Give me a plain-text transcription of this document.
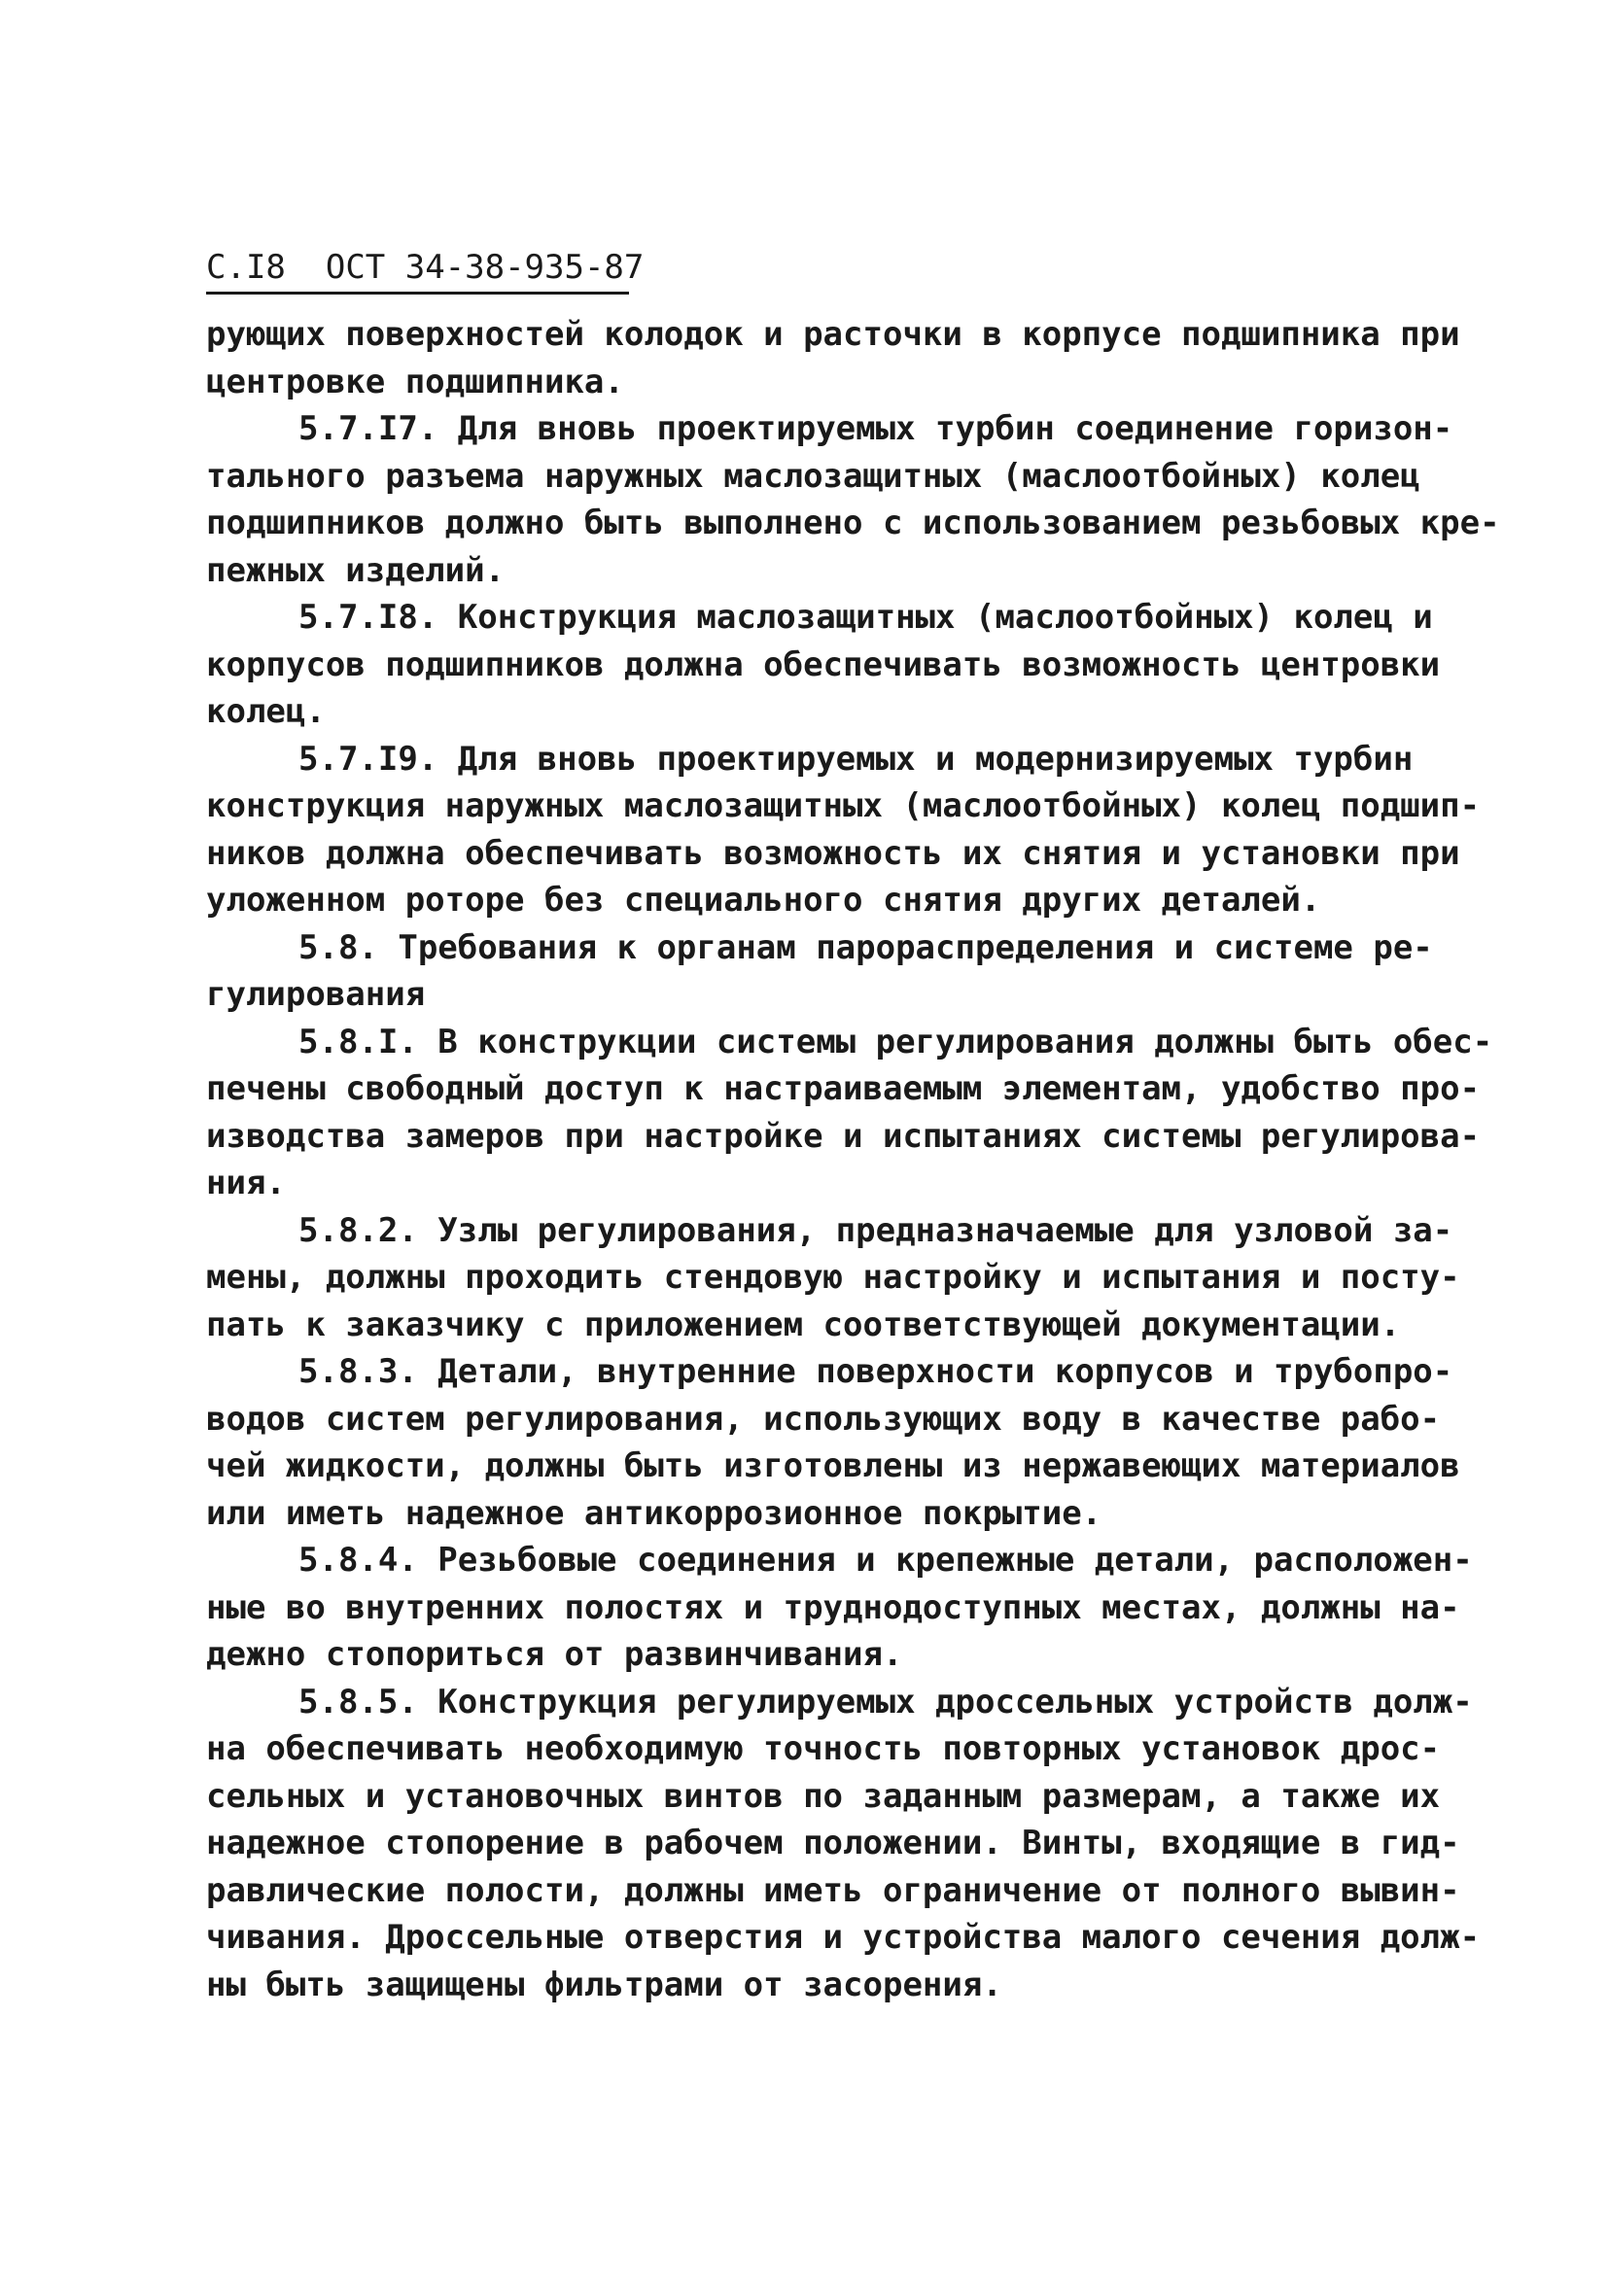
С.I8 ОСТ 34-38-935-87
рующих поверхностей колодок и расточки в корпусе подшипника при
центровке подшипника.
5.7.I7. Для вновь проектируемых турбин соединение горизон-
тального разъема наружных маслозащитных (маслоотбойных) колец
подшипников должно быть выполнено с использованием резьбовых кре-
пежных изделий.
5.7.I8. Конструкция маслозащитных (маслоотбойных) колец и
корпусов подшипников должна обеспечивать возможность центровки
колец.
5.7.I9. Для вновь проектируемых и модернизируемых турбин
конструкция наружных маслозащитных (маслоотбойных) колец подшип-
ников должна обеспечивать возможность их снятия и установки при
уложенном роторе без специального снятия других деталей.
5.8. Требования к органам парораспределения и системе ре-
гулирования
5.8.I. В конструкции системы регулирования должны быть обес-
печены свободный доступ к настраиваемым элементам, удобство про-
изводства замеров при настройке и испытаниях системы регулирова-
ния.
5.8.2. Узлы регулирования, предназначаемые для узловой за-
мены, должны проходить стендовую настройку и испытания и посту-
пать к заказчику с приложением соответствующей документации.
5.8.3. Детали, внутренние поверхности корпусов и трубопро-
водов систем регулирования, использующих воду в качестве рабо-
чей жидкости, должны быть изготовлены из нержавеющих материалов
или иметь надежное антикоррозионное покрытие.
5.8.4. Резьбовые соединения и крепежные детали, расположен-
ные во внутренних полостях и труднодоступных местах, должны на-
дежно стопориться от развинчивания.
5.8.5. Конструкция регулируемых дроссельных устройств долж-
на обеспечивать необходимую точность повторных установок дрос-
сельных и установочных винтов по заданным размерам, а также их
надежное стопорение в рабочем положении. Винты, входящие в гид-
равлические полости, должны иметь ограничение от полного вывин-
чивания. Дроссельные отверстия и устройства малого сечения долж-
ны быть защищены фильтрами от засорения.
